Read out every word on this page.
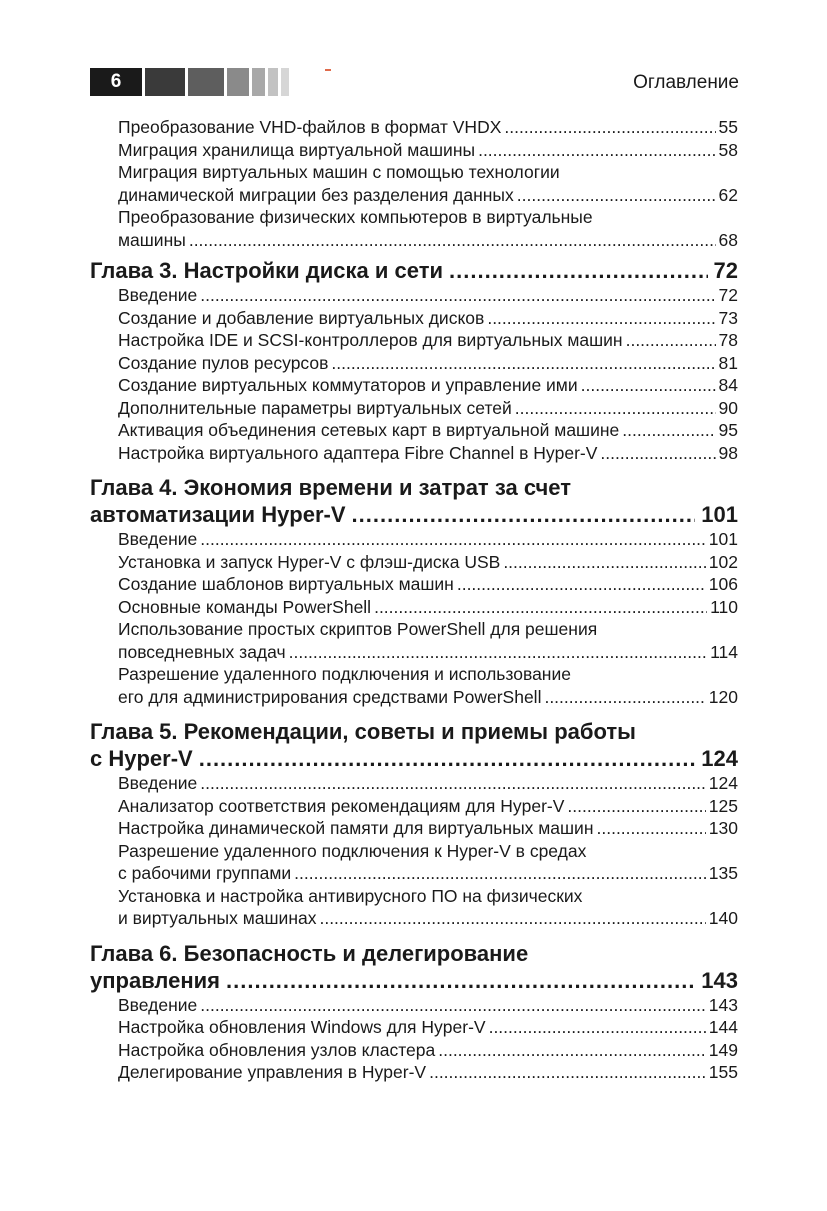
6	Оглавление
Преобразование VHD-файлов в формат VHDX .....	55
Миграция хранилища виртуальной машины .....	58
Миграция виртуальных машин с помощью технологии
динамической миграции без разделения данных .....	62
Преобразование физических компьютеров в виртуальные
машины .....	68
Глава 3. Настройки диска и сети .....	72
Введение .....	72
Создание и добавление виртуальных дисков .....	73
Настройка IDE и SCSI-контроллеров для виртуальных машин .....	78
Создание пулов ресурсов .....	81
Создание виртуальных коммутаторов и управление ими .....	84
Дополнительные параметры виртуальных сетей .....	90
Активация объединения сетевых карт в виртуальной машине .....	95
Настройка виртуального адаптера Fibre Channel в Hyper-V .....	98
Глава 4. Экономия времени и затрат за счет
автоматизации Hyper-V .....	101
Введение .....	101
Установка и запуск Hyper-V с флэш-диска USB .....	102
Создание шаблонов виртуальных машин .....	106
Основные команды PowerShell .....	110
Использование простых скриптов PowerShell для решения
повседневных задач .....	114
Разрешение удаленного подключения и использование
его для администрирования средствами PowerShell .....	120
Глава 5. Рекомендации, советы и приемы работы
с Hyper-V .....	124
Введение .....	124
Анализатор соответствия рекомендациям для Hyper-V .....	125
Настройка динамической памяти для виртуальных машин .....	130
Разрешение удаленного подключения к Hyper-V в средах
с рабочими группами .....	135
Установка и настройка антивирусного ПО на физических
и виртуальных машинах .....	140
Глава 6. Безопасность и делегирование
управления .....	143
Введение .....	143
Настройка обновления Windows для Hyper-V .....	144
Настройка обновления узлов кластера .....	149
Делегирование управления в Hyper-V .....	155
